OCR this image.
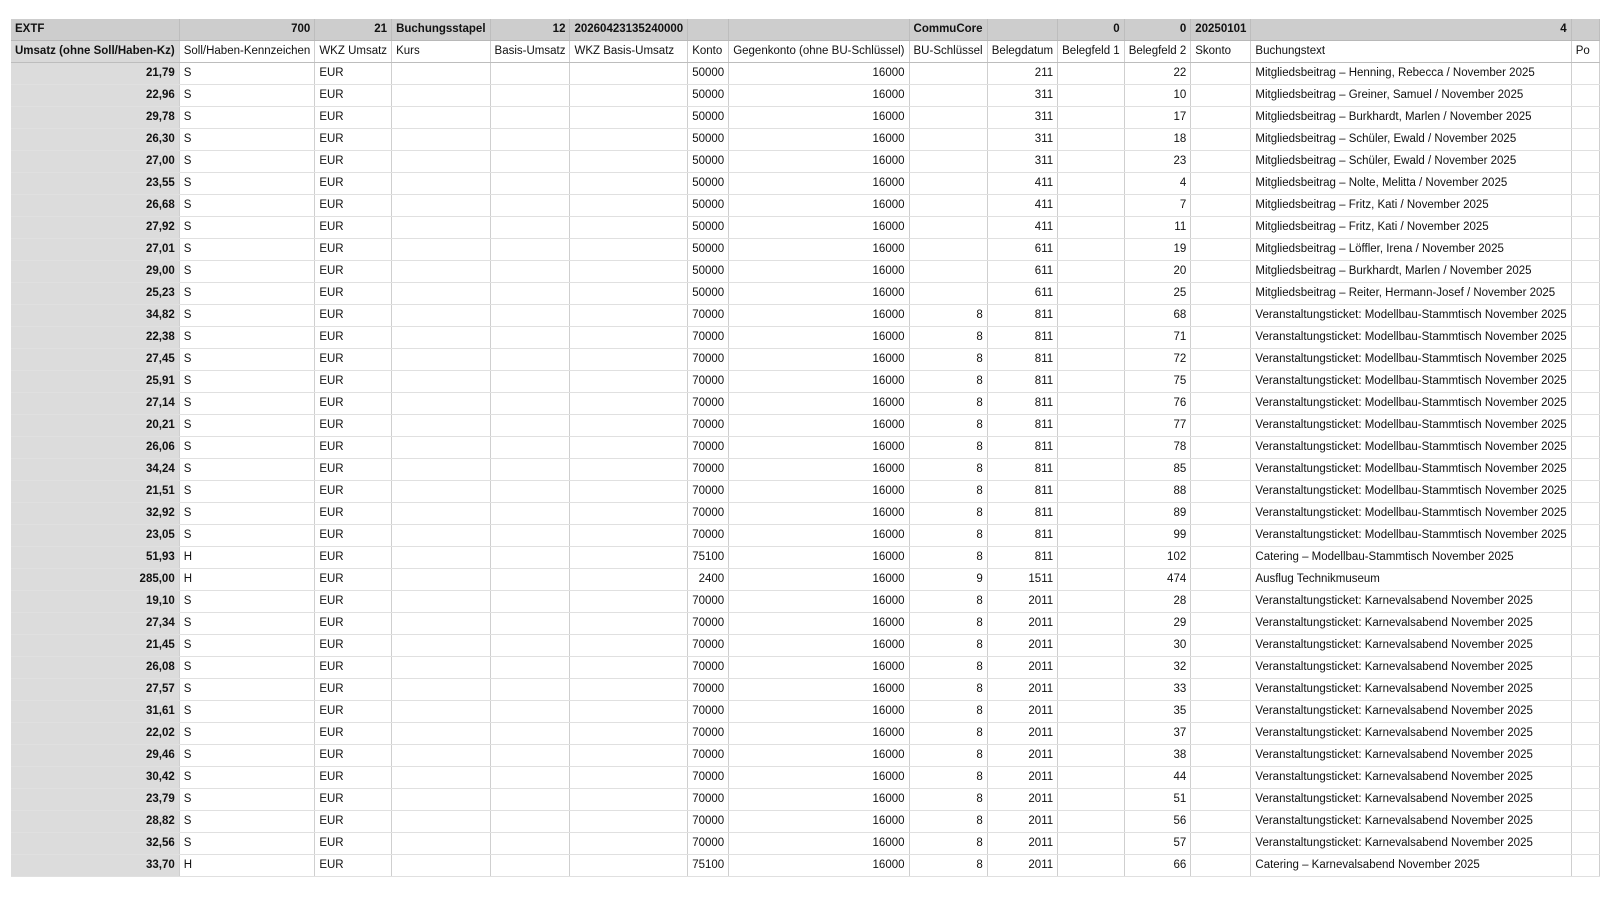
EXTF	700	21	Buchungsstapel	12	20260423135240000			CommuCore		0	0	20250101	4	
Umsatz (ohne Soll/Haben-Kz)	Soll/Haben-Kennzeichen	WKZ Umsatz	Kurs	Basis-Umsatz	WKZ Basis-Umsatz	Konto	Gegenkonto (ohne BU-Schlüssel)	BU-Schlüssel	Belegdatum	Belegfeld 1	Belegfeld 2	Skonto	Buchungstext	Po
21,79	S	EUR				50000	16000		211		22		Mitgliedsbeitrag – Henning, Rebecca / November 2025	
22,96	S	EUR				50000	16000		311		10		Mitgliedsbeitrag – Greiner, Samuel / November 2025	
29,78	S	EUR				50000	16000		311		17		Mitgliedsbeitrag – Burkhardt, Marlen / November 2025	
26,30	S	EUR				50000	16000		311		18		Mitgliedsbeitrag – Schüler, Ewald / November 2025	
27,00	S	EUR				50000	16000		311		23		Mitgliedsbeitrag – Schüler, Ewald / November 2025	
23,55	S	EUR				50000	16000		411		4		Mitgliedsbeitrag – Nolte, Melitta / November 2025	
26,68	S	EUR				50000	16000		411		7		Mitgliedsbeitrag – Fritz, Kati / November 2025	
27,92	S	EUR				50000	16000		411		11		Mitgliedsbeitrag – Fritz, Kati / November 2025	
27,01	S	EUR				50000	16000		611		19		Mitgliedsbeitrag – Löffler, Irena / November 2025	
29,00	S	EUR				50000	16000		611		20		Mitgliedsbeitrag – Burkhardt, Marlen / November 2025	
25,23	S	EUR				50000	16000		611		25		Mitgliedsbeitrag – Reiter, Hermann-Josef / November 2025	
34,82	S	EUR				70000	16000	8	811		68		Veranstaltungsticket: Modellbau-Stammtisch November 2025	
22,38	S	EUR				70000	16000	8	811		71		Veranstaltungsticket: Modellbau-Stammtisch November 2025	
27,45	S	EUR				70000	16000	8	811		72		Veranstaltungsticket: Modellbau-Stammtisch November 2025	
25,91	S	EUR				70000	16000	8	811		75		Veranstaltungsticket: Modellbau-Stammtisch November 2025	
27,14	S	EUR				70000	16000	8	811		76		Veranstaltungsticket: Modellbau-Stammtisch November 2025	
20,21	S	EUR				70000	16000	8	811		77		Veranstaltungsticket: Modellbau-Stammtisch November 2025	
26,06	S	EUR				70000	16000	8	811		78		Veranstaltungsticket: Modellbau-Stammtisch November 2025	
34,24	S	EUR				70000	16000	8	811		85		Veranstaltungsticket: Modellbau-Stammtisch November 2025	
21,51	S	EUR				70000	16000	8	811		88		Veranstaltungsticket: Modellbau-Stammtisch November 2025	
32,92	S	EUR				70000	16000	8	811		89		Veranstaltungsticket: Modellbau-Stammtisch November 2025	
23,05	S	EUR				70000	16000	8	811		99		Veranstaltungsticket: Modellbau-Stammtisch November 2025	
51,93	H	EUR				75100	16000	8	811		102		Catering – Modellbau-Stammtisch November 2025	
285,00	H	EUR				2400	16000	9	1511		474		Ausflug Technikmuseum	
19,10	S	EUR				70000	16000	8	2011		28		Veranstaltungsticket: Karnevalsabend November 2025	
27,34	S	EUR				70000	16000	8	2011		29		Veranstaltungsticket: Karnevalsabend November 2025	
21,45	S	EUR				70000	16000	8	2011		30		Veranstaltungsticket: Karnevalsabend November 2025	
26,08	S	EUR				70000	16000	8	2011		32		Veranstaltungsticket: Karnevalsabend November 2025	
27,57	S	EUR				70000	16000	8	2011		33		Veranstaltungsticket: Karnevalsabend November 2025	
31,61	S	EUR				70000	16000	8	2011		35		Veranstaltungsticket: Karnevalsabend November 2025	
22,02	S	EUR				70000	16000	8	2011		37		Veranstaltungsticket: Karnevalsabend November 2025	
29,46	S	EUR				70000	16000	8	2011		38		Veranstaltungsticket: Karnevalsabend November 2025	
30,42	S	EUR				70000	16000	8	2011		44		Veranstaltungsticket: Karnevalsabend November 2025	
23,79	S	EUR				70000	16000	8	2011		51		Veranstaltungsticket: Karnevalsabend November 2025	
28,82	S	EUR				70000	16000	8	2011		56		Veranstaltungsticket: Karnevalsabend November 2025	
32,56	S	EUR				70000	16000	8	2011		57		Veranstaltungsticket: Karnevalsabend November 2025	
33,70	H	EUR				75100	16000	8	2011		66		Catering – Karnevalsabend November 2025	
